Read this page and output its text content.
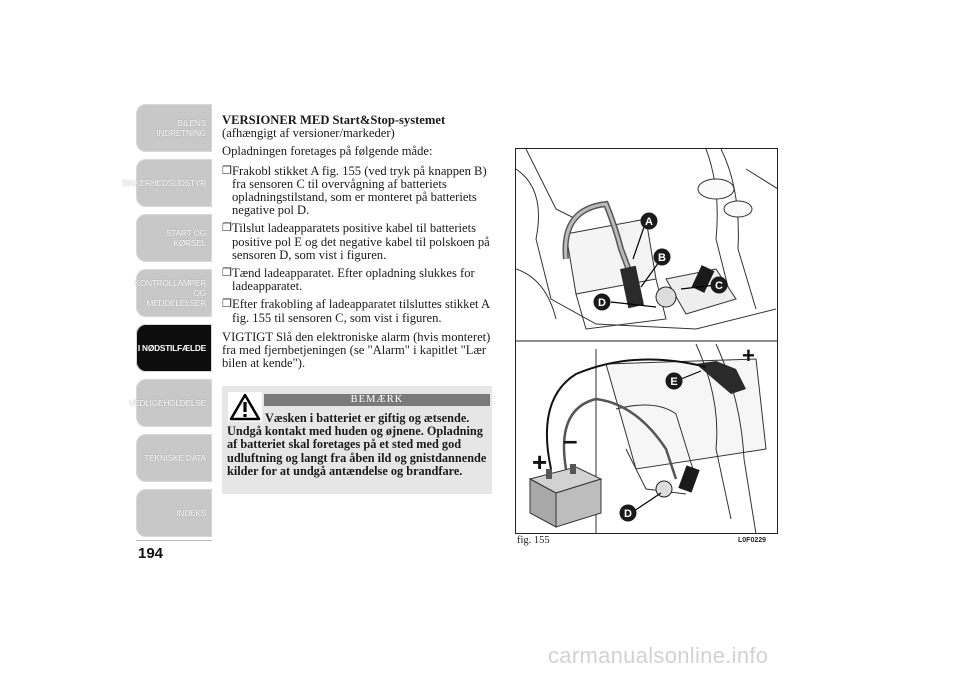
BILENS
INDRETNING
SIKKERHEDSUDSTYR
START OG KØRSEL
KONTROLLAMPER
OG MEDDELELSER
I NØDSTILFÆLDE
VEDLIGEHOLDELSE
TEKNISKE DATA
INDEKS
194

VERSIONER MED Start&Stop-systemet
(afhængigt af versioner/markeder)

Opladningen foretages på følgende måde:

❒ Frakobl stikket A fig. 155 (ved tryk på knappen B) fra sensoren C til overvågning af batteriets opladningstilstand, som er monteret på batteriets negative pol D.
❒ Tilslut ladeapparatets positive kabel til batteriets positive pol E og det negative kabel til polskoen på sensoren D, som vist i figuren.
❒ Tænd ladeapparatet. Efter opladning slukkes for ladeapparatet.
❒ Efter frakobling af ladeapparatet tilsluttes stikket A fig. 155 til sensoren C, som vist i figuren.

VIGTIGT Slå den elektroniske alarm (hvis monteret) fra med fjernbetjeningen (se "Alarm" i kapitlet "Lær bilen at kende").

BEMÆRK
Væsken i batteriet er giftig og ætsende. Undgå kontakt med huden og øjnene. Opladning af batteriet skal foretages på et sted med god udluftning og langt fra åben ild og gnistdannende kilder for at undgå antændelse og brandfare.
A
B
C
D
E
D
+
+
–
fig. 155	L0F0229
carmanualsonline.info
